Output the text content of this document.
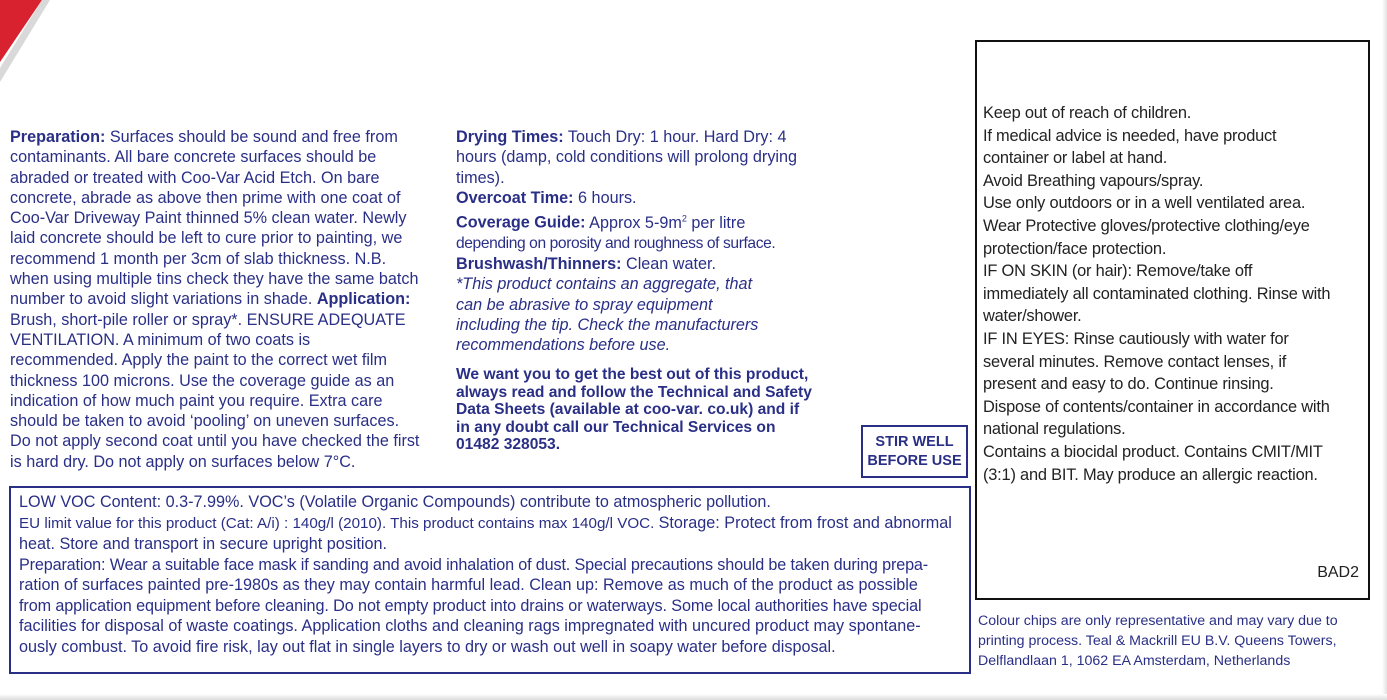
Preparation: Surfaces should be sound and free from contaminants. All bare concrete surfaces should be abraded or treated with Coo-Var Acid Etch. On bare concrete, abrade as above then prime with one coat of Coo-Var Driveway Paint thinned 5% clean water. Newly laid concrete should be left to cure prior to painting, we recommend 1 month per 3cm of slab thickness. N.B. when using multiple tins check they have the same batch number to avoid slight variations in shade. Application: Brush, short-pile roller or spray*. ENSURE ADEQUATE VENTILATION. A minimum of two coats is recommended. Apply the paint to the correct wet film thickness 100 microns. Use the coverage guide as an indication of how much paint you require. Extra care should be taken to avoid ‘pooling’ on uneven surfaces. Do not apply second coat until you have checked the first is hard dry. Do not apply on surfaces below 7°C.
Drying Times: Touch Dry: 1 hour. Hard Dry: 4 hours (damp, cold conditions will prolong drying times).
Overcoat Time: 6 hours.
Coverage Guide: Approx $5-9m^2$ per litre
depending on porosity and roughness of surface.
Brushwash/Thinners: Clean water.

*This product contains an aggregate, that can be abrasive to spray equipment including the tip. Check the manufacturers recommendations before use.
We want you to get the best out of this product, always read and follow the Technical and Safety Data Sheets (available at coo-var. co.uk) and if in any doubt call our Technical Services on 01482 328053.	STIR WELL
BEFORE USE
LOW VOC Content: 0.3-7.99%. VOC’s (Volatile Organic Compounds) contribute to atmospheric pollution.
EU limit value for this product (Cat: A/i) : 140g/l (2010). This product contains max 140g/l VOC. Storage: Protect from frost and abnormal
heat. Store and transport in secure upright position.
Preparation: Wear a suitable face mask if sanding and avoid inhalation of dust. Special precautions should be taken during prepa-
ration of surfaces painted pre-1980s as they may contain harmful lead. Clean up: Remove as much of the product as possible
from application equipment before cleaning. Do not empty product into drains or waterways. Some local authorities have special
facilities for disposal of waste coatings. Application cloths and cleaning rags impregnated with uncured product may spontane-
ously combust. To avoid fire risk, lay out flat in single layers to dry or wash out well in soapy water before disposal.
Keep out of reach of children.
If medical advice is needed, have product
container or label at hand.
Avoid Breathing vapours/spray.
Use only outdoors or in a well ventilated area.
Wear Protective gloves/protective clothing/eye
protection/face protection.
IF ON SKIN (or hair): Remove/take off
immediately all contaminated clothing. Rinse with
water/shower.
IF IN EYES: Rinse cautiously with water for
several minutes. Remove contact lenses, if
present and easy to do. Continue rinsing.
Dispose of contents/container in accordance with
national regulations.
Contains a biocidal product. Contains CMIT/MIT
(3:1) and BIT. May produce an allergic reaction.
BAD2
Colour chips are only representative and may vary due to
printing process. Teal & Mackrill EU B.V. Queens Towers,
Delflandlaan 1, 1062 EA Amsterdam, Netherlands
